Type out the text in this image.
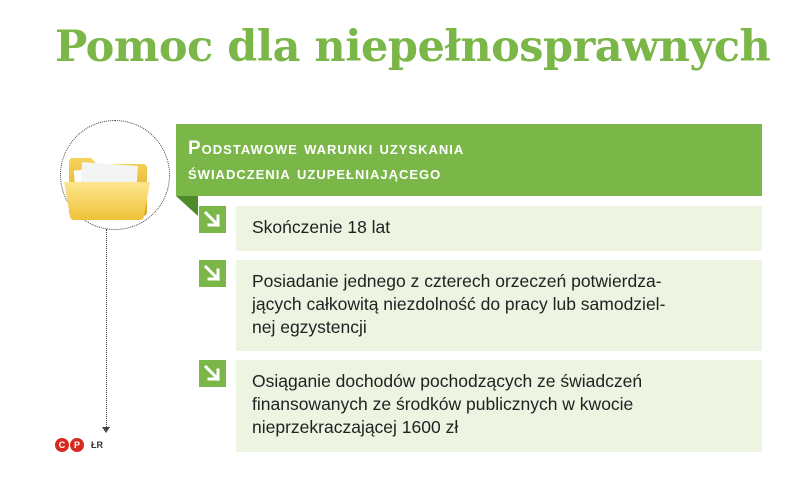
Pomoc dla niepełnosprawnych
C P	ŁR
Podstawowe warunki uzyskania
świadczenia uzupełniającego
Skończenie 18 lat
Posiadanie jednego z czterech orzeczeń potwierdza-
jących całkowitą niezdolność do pracy lub samodziel-
nej egzystencji
Osiąganie dochodów pochodzących ze świadczeń
finansowanych ze środków publicznych w kwocie
nieprzekraczającej 1600 zł
